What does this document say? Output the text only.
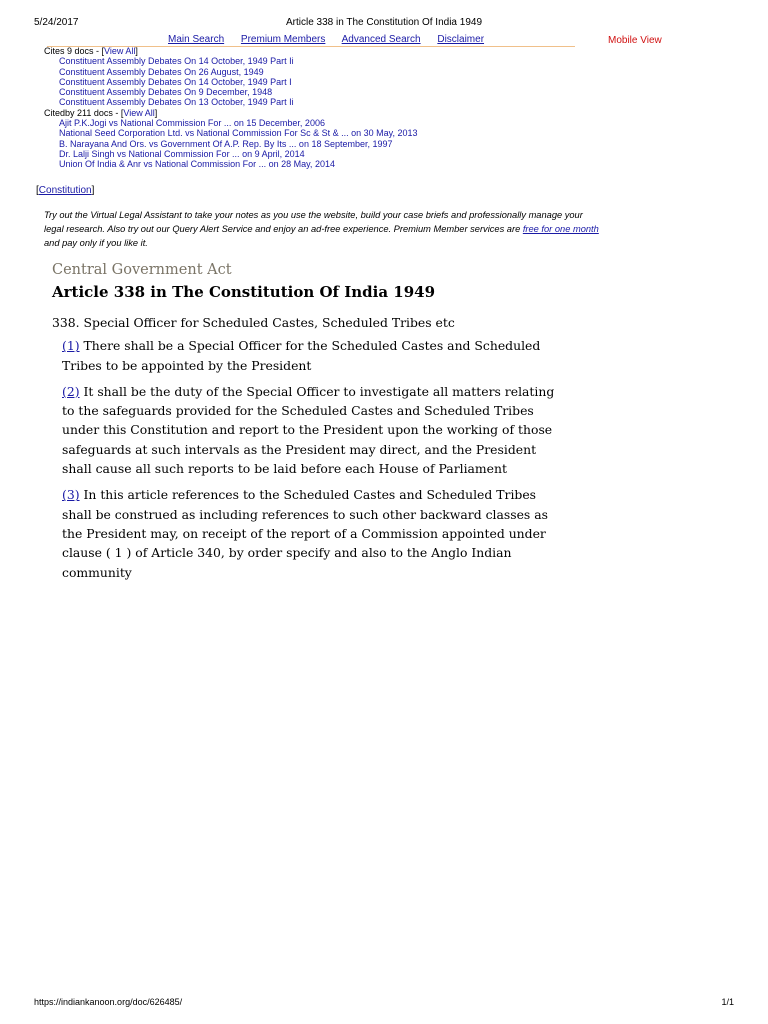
5/24/2017	Article 338 in The Constitution Of India 1949
Main Search Premium Members Advanced Search Disclaimer	Mobile View
Cites 9 docs - [View All]
Constituent Assembly Debates On 14 October, 1949 Part Ii
Constituent Assembly Debates On 26 August, 1949
Constituent Assembly Debates On 14 October, 1949 Part I
Constituent Assembly Debates On 9 December, 1948
Constituent Assembly Debates On 13 October, 1949 Part Ii
Citedby 211 docs - [View All]
Ajit P.K.Jogi vs National Commission For ... on 15 December, 2006
National Seed Corporation Ltd. vs National Commission For Sc & St & ... on 30 May, 2013
B. Narayana And Ors. vs Government Of A.P. Rep. By Its ... on 18 September, 1997
Dr. Lalji Singh vs National Commission For ... on 9 April, 2014
Union Of India & Anr vs National Commission For ... on 28 May, 2014
[Constitution]
Try out the Virtual Legal Assistant to take your notes as you use the website, build your case briefs and professionally manage your legal research. Also try out our Query Alert Service and enjoy an ad-free experience. Premium Member services are free for one month and pay only if you like it.
Central Government Act
Article 338 in The Constitution Of India 1949
338. Special Officer for Scheduled Castes, Scheduled Tribes etc
(1) There shall be a Special Officer for the Scheduled Castes and Scheduled Tribes to be appointed by the President
(2) It shall be the duty of the Special Officer to investigate all matters relating to the safeguards provided for the Scheduled Castes and Scheduled Tribes under this Constitution and report to the President upon the working of those safeguards at such intervals as the President may direct, and the President shall cause all such reports to be laid before each House of Parliament
(3) In this article references to the Scheduled Castes and Scheduled Tribes shall be construed as including references to such other backward classes as the President may, on receipt of the report of a Commission appointed under clause ( 1 ) of Article 340, by order specify and also to the Anglo Indian community
https://indiankanoon.org/doc/626485/	1/1
